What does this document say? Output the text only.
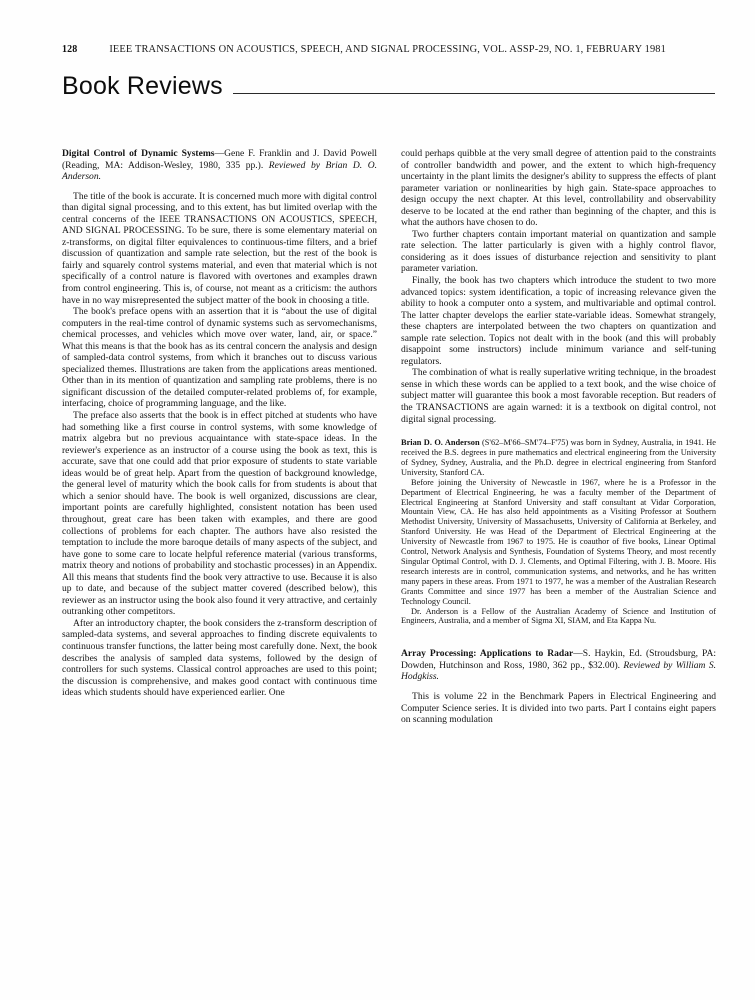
128	IEEE TRANSACTIONS ON ACOUSTICS, SPEECH, AND SIGNAL PROCESSING, VOL. ASSP-29, NO. 1, FEBRUARY 1981
Book Reviews

Digital Control of Dynamic Systems—Gene F. Franklin and J. David Powell (Reading, MA: Addison-Wesley, 1980, 335 pp.). Reviewed by Brian D. O. Anderson.

The title of the book is accurate. It is concerned much more with digital control than digital signal processing, and to this extent, has but limited overlap with the central concerns of the IEEE TRANSACTIONS ON ACOUSTICS, SPEECH, AND SIGNAL PROCESSING. To be sure, there is some elementary material on z-transforms, on digital filter equivalences to continuous-time filters, and a brief discussion of quantization and sample rate selection, but the rest of the book is fairly and squarely control systems material, and even that material which is not specifically of a control nature is flavored with overtones and examples drawn from control engineering. This is, of course, not meant as a criticism: the authors have in no way misrepresented the subject matter of the book in choosing a title.

The book's preface opens with an assertion that it is “about the use of digital computers in the real-time control of dynamic systems such as servomechanisms, chemical processes, and vehicles which move over water, land, air, or space.” What this means is that the book has as its central concern the analysis and design of sampled-data control systems, from which it branches out to discuss various specialized themes. Illustrations are taken from the applications areas mentioned. Other than in its mention of quantization and sampling rate problems, there is no significant discussion of the detailed computer-related problems of, for example, interfacing, choice of programming language, and the like.

The preface also asserts that the book is in effect pitched at students who have had something like a first course in control systems, with some knowledge of matrix algebra but no previous acquaintance with state-space ideas. In the reviewer's experience as an instructor of a course using the book as text, this is accurate, save that one could add that prior exposure of students to state variable ideas would be of great help. Apart from the question of background knowledge, the general level of maturity which the book calls for from students is about that which a senior should have. The book is well organized, discussions are clear, important points are carefully highlighted, consistent notation has been used throughout, great care has been taken with examples, and there are good collections of problems for each chapter. The authors have also resisted the temptation to include the more baroque details of many aspects of the subject, and have gone to some care to locate helpful reference material (various transforms, matrix theory and notions of probability and stochastic processes) in an Appendix. All this means that students find the book very attractive to use. Because it is also up to date, and because of the subject matter covered (described below), this reviewer as an instructor using the book also found it very attractive, and certainly outranking other competitors.

After an introductory chapter, the book considers the z-transform description of sampled-data systems, and several approaches to finding discrete equivalents to continuous transfer functions, the latter being most carefully done. Next, the book describes the analysis of sampled data systems, followed by the design of controllers for such systems. Classical control approaches are used to this point; the discussion is comprehensive, and makes good contact with continuous time ideas which students should have experienced earlier. One

could perhaps quibble at the very small degree of attention paid to the constraints of controller bandwidth and power, and the extent to which high-frequency uncertainty in the plant limits the designer's ability to suppress the effects of plant parameter variation or nonlinearities by high gain. State-space approaches to design occupy the next chapter. At this level, controllability and observability deserve to be located at the end rather than beginning of the chapter, and this is what the authors have chosen to do.

Two further chapters contain important material on quantization and sample rate selection. The latter particularly is given with a highly control flavor, considering as it does issues of disturbance rejection and sensitivity to plant parameter variation.

Finally, the book has two chapters which introduce the student to two more advanced topics: system identification, a topic of increasing relevance given the ability to hook a computer onto a system, and multivariable and optimal control. The latter chapter develops the earlier state-variable ideas. Somewhat strangely, these chapters are interpolated between the two chapters on quantization and sample rate selection. Topics not dealt with in the book (and this will probably disappoint some instructors) include minimum variance and self-tuning regulators.

The combination of what is really superlative writing technique, in the broadest sense in which these words can be applied to a text book, and the wise choice of subject matter will guarantee this book a most favorable reception. But readers of the TRANSACTIONS are again warned: it is a textbook on digital control, not digital signal processing.

Brian D. O. Anderson (S'62–M'66–SM'74–F'75) was born in Sydney, Australia, in 1941. He received the B.S. degrees in pure mathematics and electrical engineering from the University of Sydney, Sydney, Australia, and the Ph.D. degree in electrical engineering from Stanford University, Stanford CA.

Before joining the University of Newcastle in 1967, where he is a Professor in the Department of Electrical Engineering, he was a faculty member of the Department of Electrical Engineering at Stanford University and staff consultant at Vidar Corporation, Mountain View, CA. He has also held appointments as a Visiting Professor at Southern Methodist University, University of Massachusetts, University of California at Berkeley, and Stanford University. He was Head of the Department of Electrical Engineering at the University of Newcastle from 1967 to 1975. He is coauthor of five books, Linear Optimal Control, Network Analysis and Synthesis, Foundation of Systems Theory, and most recently Singular Optimal Control, with D. J. Clements, and Optimal Filtering, with J. B. Moore. His research interests are in control, communication systems, and networks, and he has written many papers in these areas. From 1971 to 1977, he was a member of the Australian Research Grants Committee and since 1977 has been a member of the Australian Science and Technology Council.

Dr. Anderson is a Fellow of the Australian Academy of Science and Institution of Engineers, Australia, and a member of Sigma XI, SIAM, and Eta Kappa Nu.

Array Processing: Applications to Radar—S. Haykin, Ed. (Stroudsburg, PA: Dowden, Hutchinson and Ross, 1980, 362 pp., $32.00). Reviewed by William S. Hodgkiss.

This is volume 22 in the Benchmark Papers in Electrical Engineering and Computer Science series. It is divided into two parts. Part I contains eight papers on scanning modulation
